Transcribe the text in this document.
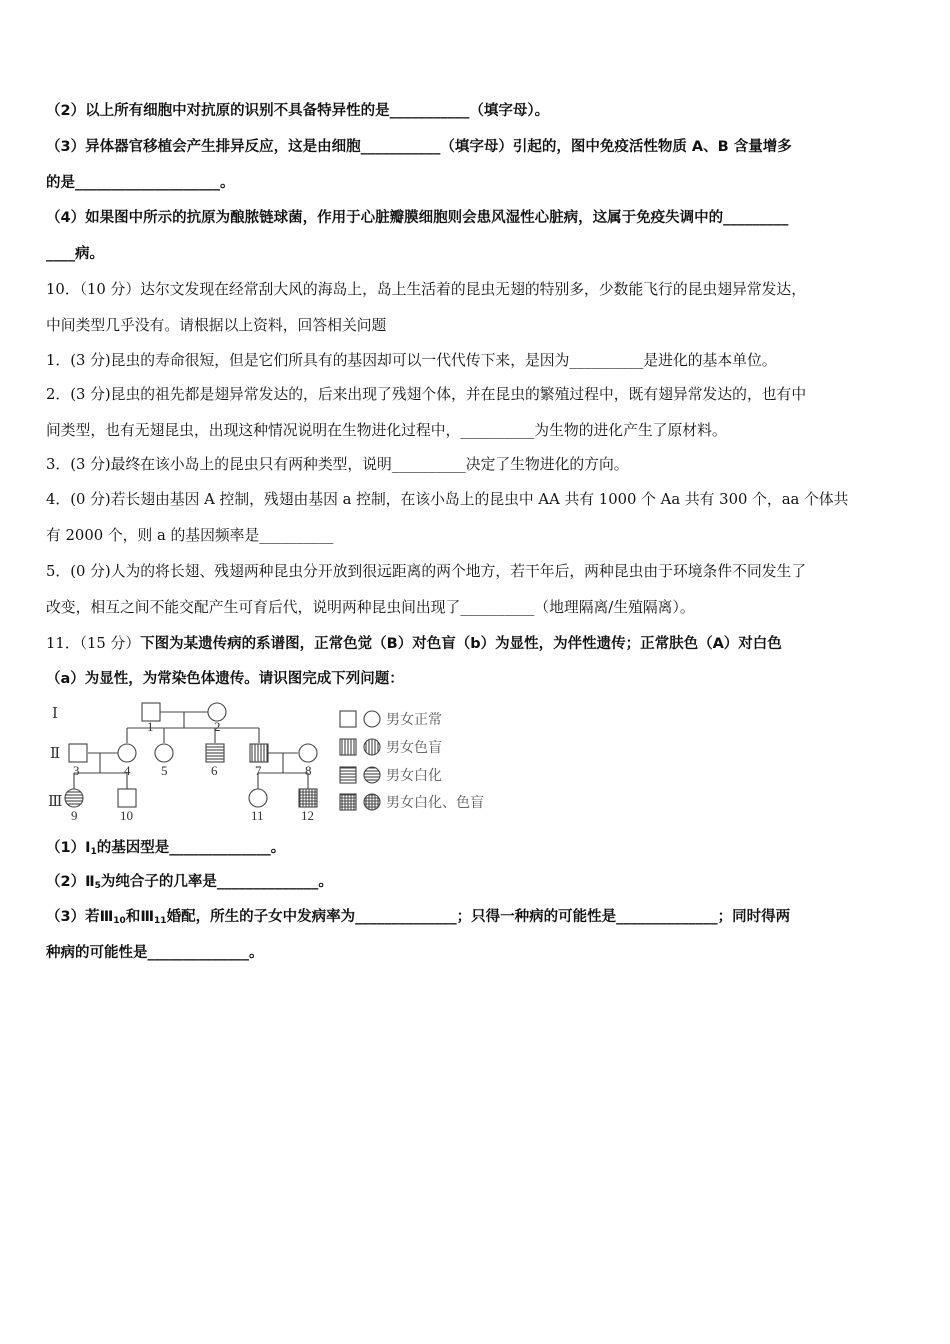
（2）以上所有细胞中对抗原的识别不具备特异性的是___________（填字母）。
（3）异体器官移植会产生排异反应，这是由细胞___________（填字母）引起的，图中免疫活性物质 A、B 含量增多
的是____________________。
（4）如果图中所示的抗原为酿脓链球菌，作用于心脏瓣膜细胞则会患风湿性心脏病，这属于免疫失调中的_________
____病。
10．（10 分）达尔文发现在经常刮大风的海岛上，岛上生活着的昆虫无翅的特别多，少数能飞行的昆虫翅异常发达，
中间类型几乎没有。请根据以上资料，回答相关问题
1．(3 分)昆虫的寿命很短，但是它们所具有的基因却可以一代代传下来，是因为__________是进化的基本单位。
2．(3 分)昆虫的祖先都是翅异常发达的，后来出现了残翅个体，并在昆虫的繁殖过程中，既有翅异常发达的，也有中
间类型，也有无翅昆虫，出现这种情况说明在生物进化过程中，__________为生物的进化产生了原材料。
3．(3 分)最终在该小岛上的昆虫只有两种类型，说明__________决定了生物进化的方向。
4．(0 分)若长翅由基因 A 控制，残翅由基因 a 控制，在该小岛上的昆虫中 AA 共有 1000 个 Aa 共有 300 个，aa 个体共
有 2000 个，则 a 的基因频率是__________
5．(0 分)人为的将长翅、残翅两种昆虫分开放到很远距离的两个地方，若干年后，两种昆虫由于环境条件不同发生了
改变，相互之间不能交配产生可育后代，说明两种昆虫间出现了__________（地理隔离/生殖隔离）。
11．（15 分）下图为某遗传病的系谱图，正常色觉（B）对色盲（b）为显性，为伴性遗传；正常肤色（A）对白色
（a）为显性，为常染色体遗传。请识图完成下列问题：
Ⅰ
Ⅱ
Ⅲ
1	2
3	4 5	6	7	8
9	10	11	12
男女正常
男女色盲
男女白化
男女白化、色盲
$(1)Ⅰ_1$的基因型是______________。
$(2)Ⅱ_5$为纯合子的几率是______________。
（3）若$Ⅲ_{10}$和$Ⅲ_{11}$婚配，所生的子女中发病率为______________；只得一种病的可能性是______________；同时得两
种病的可能性是______________。
